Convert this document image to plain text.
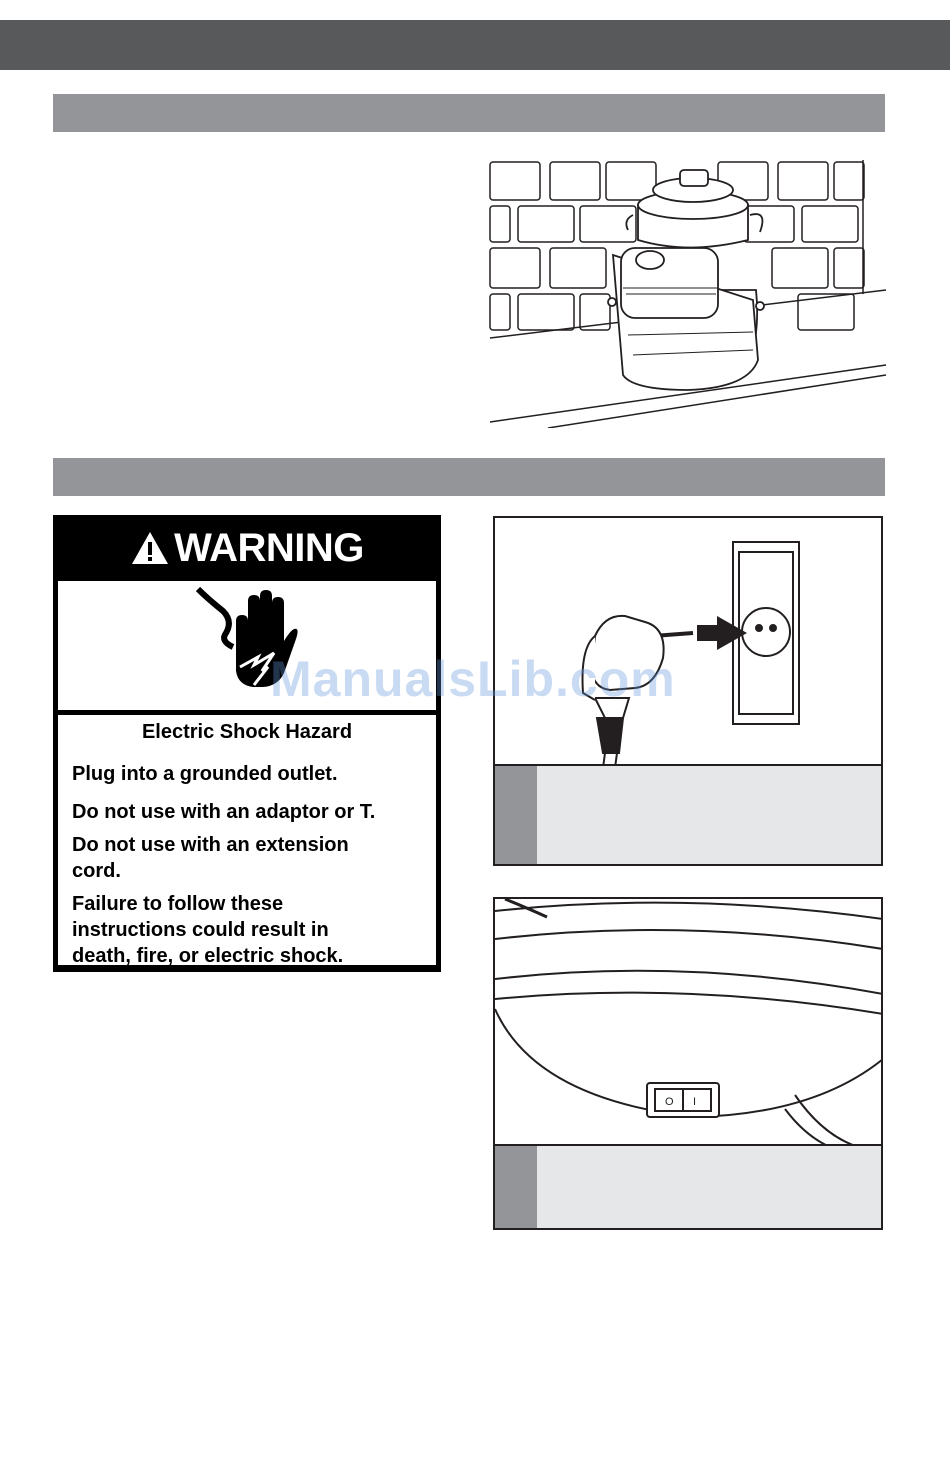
WARNING
Electric Shock Hazard
Plug into a grounded outlet.
Do not use with an adaptor or T.
Do not use with an extension cord.
Failure to follow these instructions could result in death, fire, or electric shock.
O I
ManualsLib.com
